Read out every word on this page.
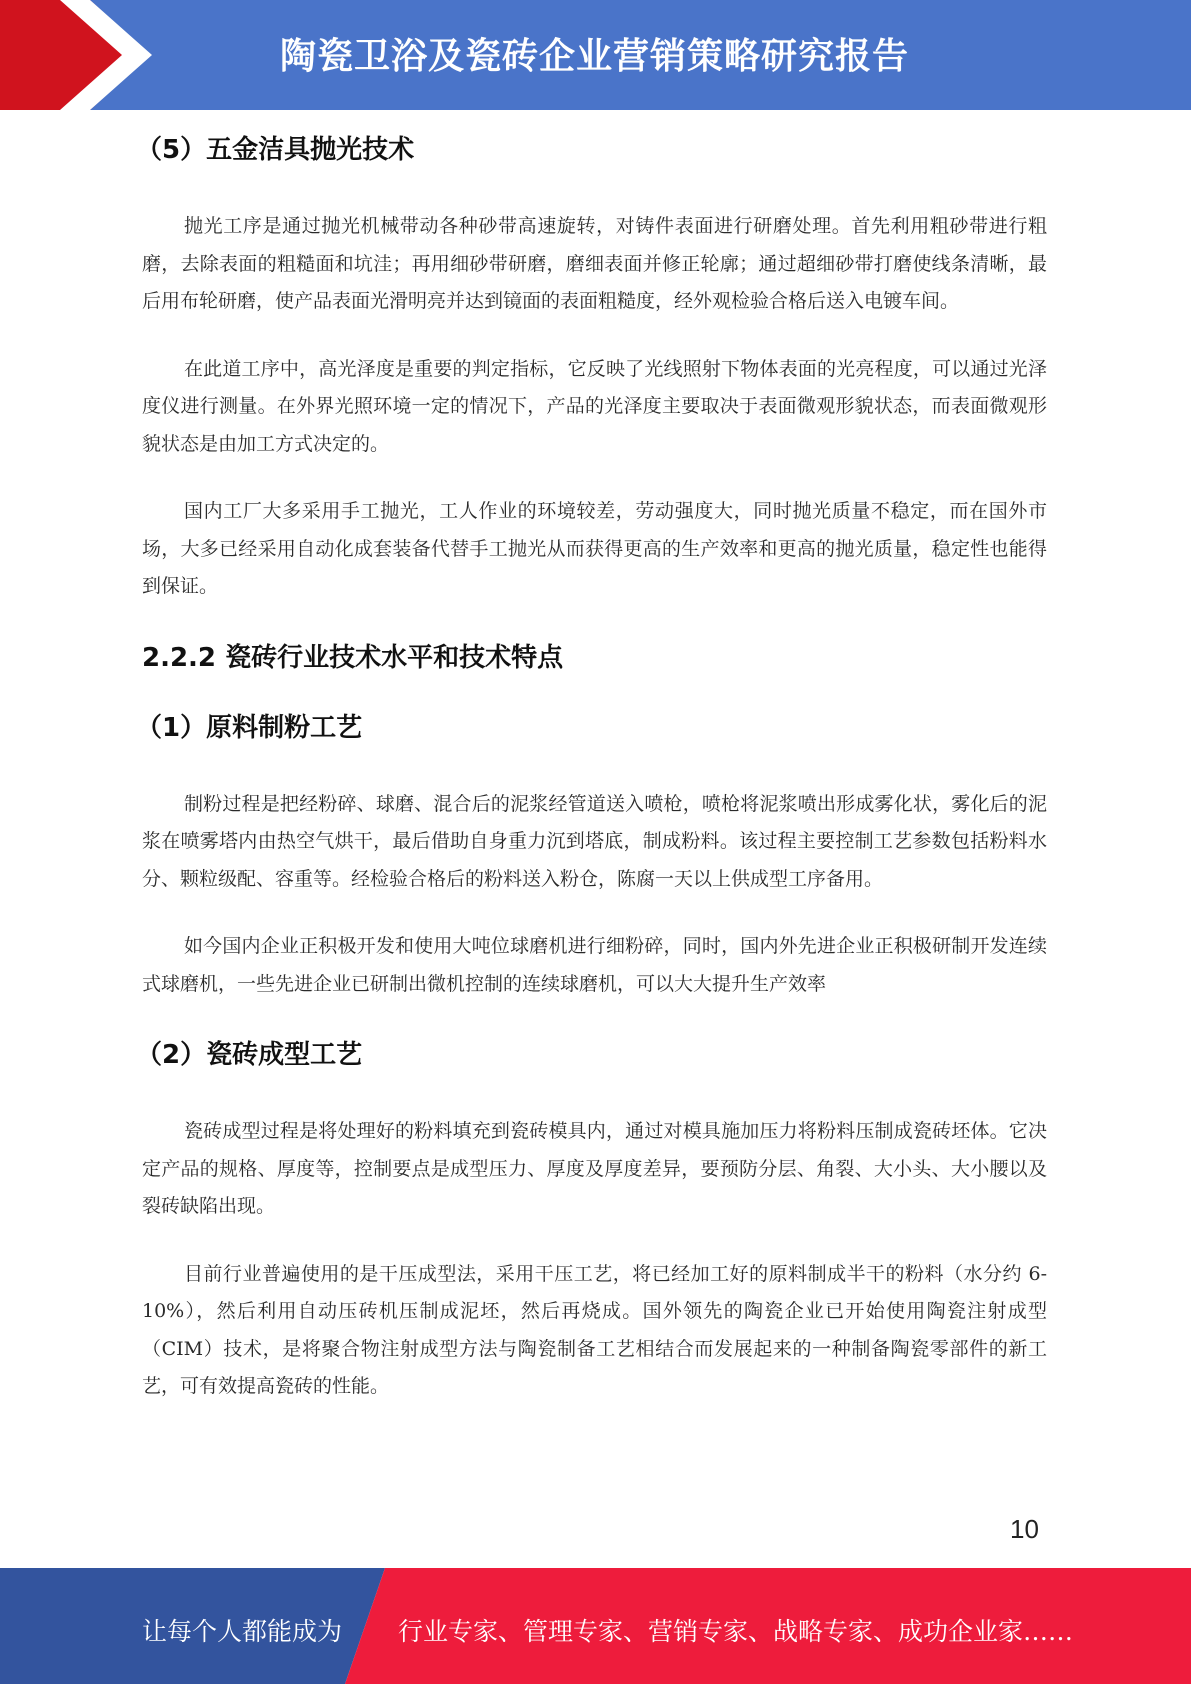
陶瓷卫浴及瓷砖企业营销策略研究报告
（5）五金洁具抛光技术
抛光工序是通过抛光机械带动各种砂带高速旋转，对铸件表面进行研磨处理。首先利用粗砂带进行粗磨，去除表面的粗糙面和坑洼；再用细砂带研磨，磨细表面并修正轮廓；通过超细砂带打磨使线条清晰，最后用布轮研磨，使产品表面光滑明亮并达到镜面的表面粗糙度，经外观检验合格后送入电镀车间。
在此道工序中，高光泽度是重要的判定指标，它反映了光线照射下物体表面的光亮程度，可以通过光泽度仪进行测量。在外界光照环境一定的情况下，产品的光泽度主要取决于表面微观形貌状态，而表面微观形貌状态是由加工方式决定的。
国内工厂大多采用手工抛光，工人作业的环境较差，劳动强度大，同时抛光质量不稳定，而在国外市场，大多已经采用自动化成套装备代替手工抛光从而获得更高的生产效率和更高的抛光质量，稳定性也能得到保证。
2.2.2 瓷砖行业技术水平和技术特点
（1）原料制粉工艺
制粉过程是把经粉碎、球磨、混合后的泥浆经管道送入喷枪，喷枪将泥浆喷出形成雾化状，雾化后的泥浆在喷雾塔内由热空气烘干，最后借助自身重力沉到塔底，制成粉料。该过程主要控制工艺参数包括粉料水分、颗粒级配、容重等。经检验合格后的粉料送入粉仓，陈腐一天以上供成型工序备用。
如今国内企业正积极开发和使用大吨位球磨机进行细粉碎，同时，国内外先进企业正积极研制开发连续式球磨机，一些先进企业已研制出微机控制的连续球磨机，可以大大提升生产效率
（2）瓷砖成型工艺
瓷砖成型过程是将处理好的粉料填充到瓷砖模具内，通过对模具施加压力将粉料压制成瓷砖坯体。它决定产品的规格、厚度等，控制要点是成型压力、厚度及厚度差异，要预防分层、角裂、大小头、大小腰以及裂砖缺陷出现。
目前行业普遍使用的是干压成型法，采用干压工艺，将已经加工好的原料制成半干的粉料（水分约 6-10%），然后利用自动压砖机压制成泥坯，然后再烧成。国外领先的陶瓷企业已开始使用陶瓷注射成型（CIM）技术，是将聚合物注射成型方法与陶瓷制备工艺相结合而发展起来的一种制备陶瓷零部件的新工艺，可有效提高瓷砖的性能。
10
让每个人都能成为 行业专家、管理专家、营销专家、战略专家、成功企业家……
